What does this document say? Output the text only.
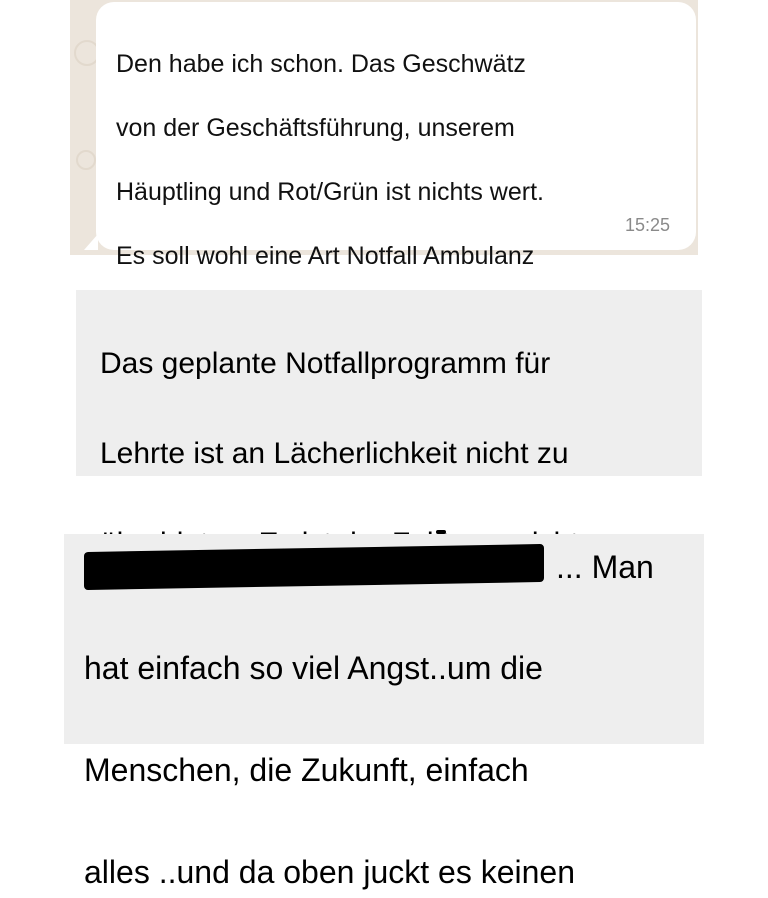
Den habe ich schon. Das Geschwätz

von der Geschäftsführung, unserem

Häuptling und Rot/Grün ist nichts wert.

Es soll wohl eine Art Notfall Ambulanz

15:25

Das geplante Notfallprogramm für

Lehrte ist an Lächerlichkeit nicht zu

... Man

hat einfach so viel Angst..um die

Menschen, die Zukunft, einfach

alles ..und da oben juckt es keinen
